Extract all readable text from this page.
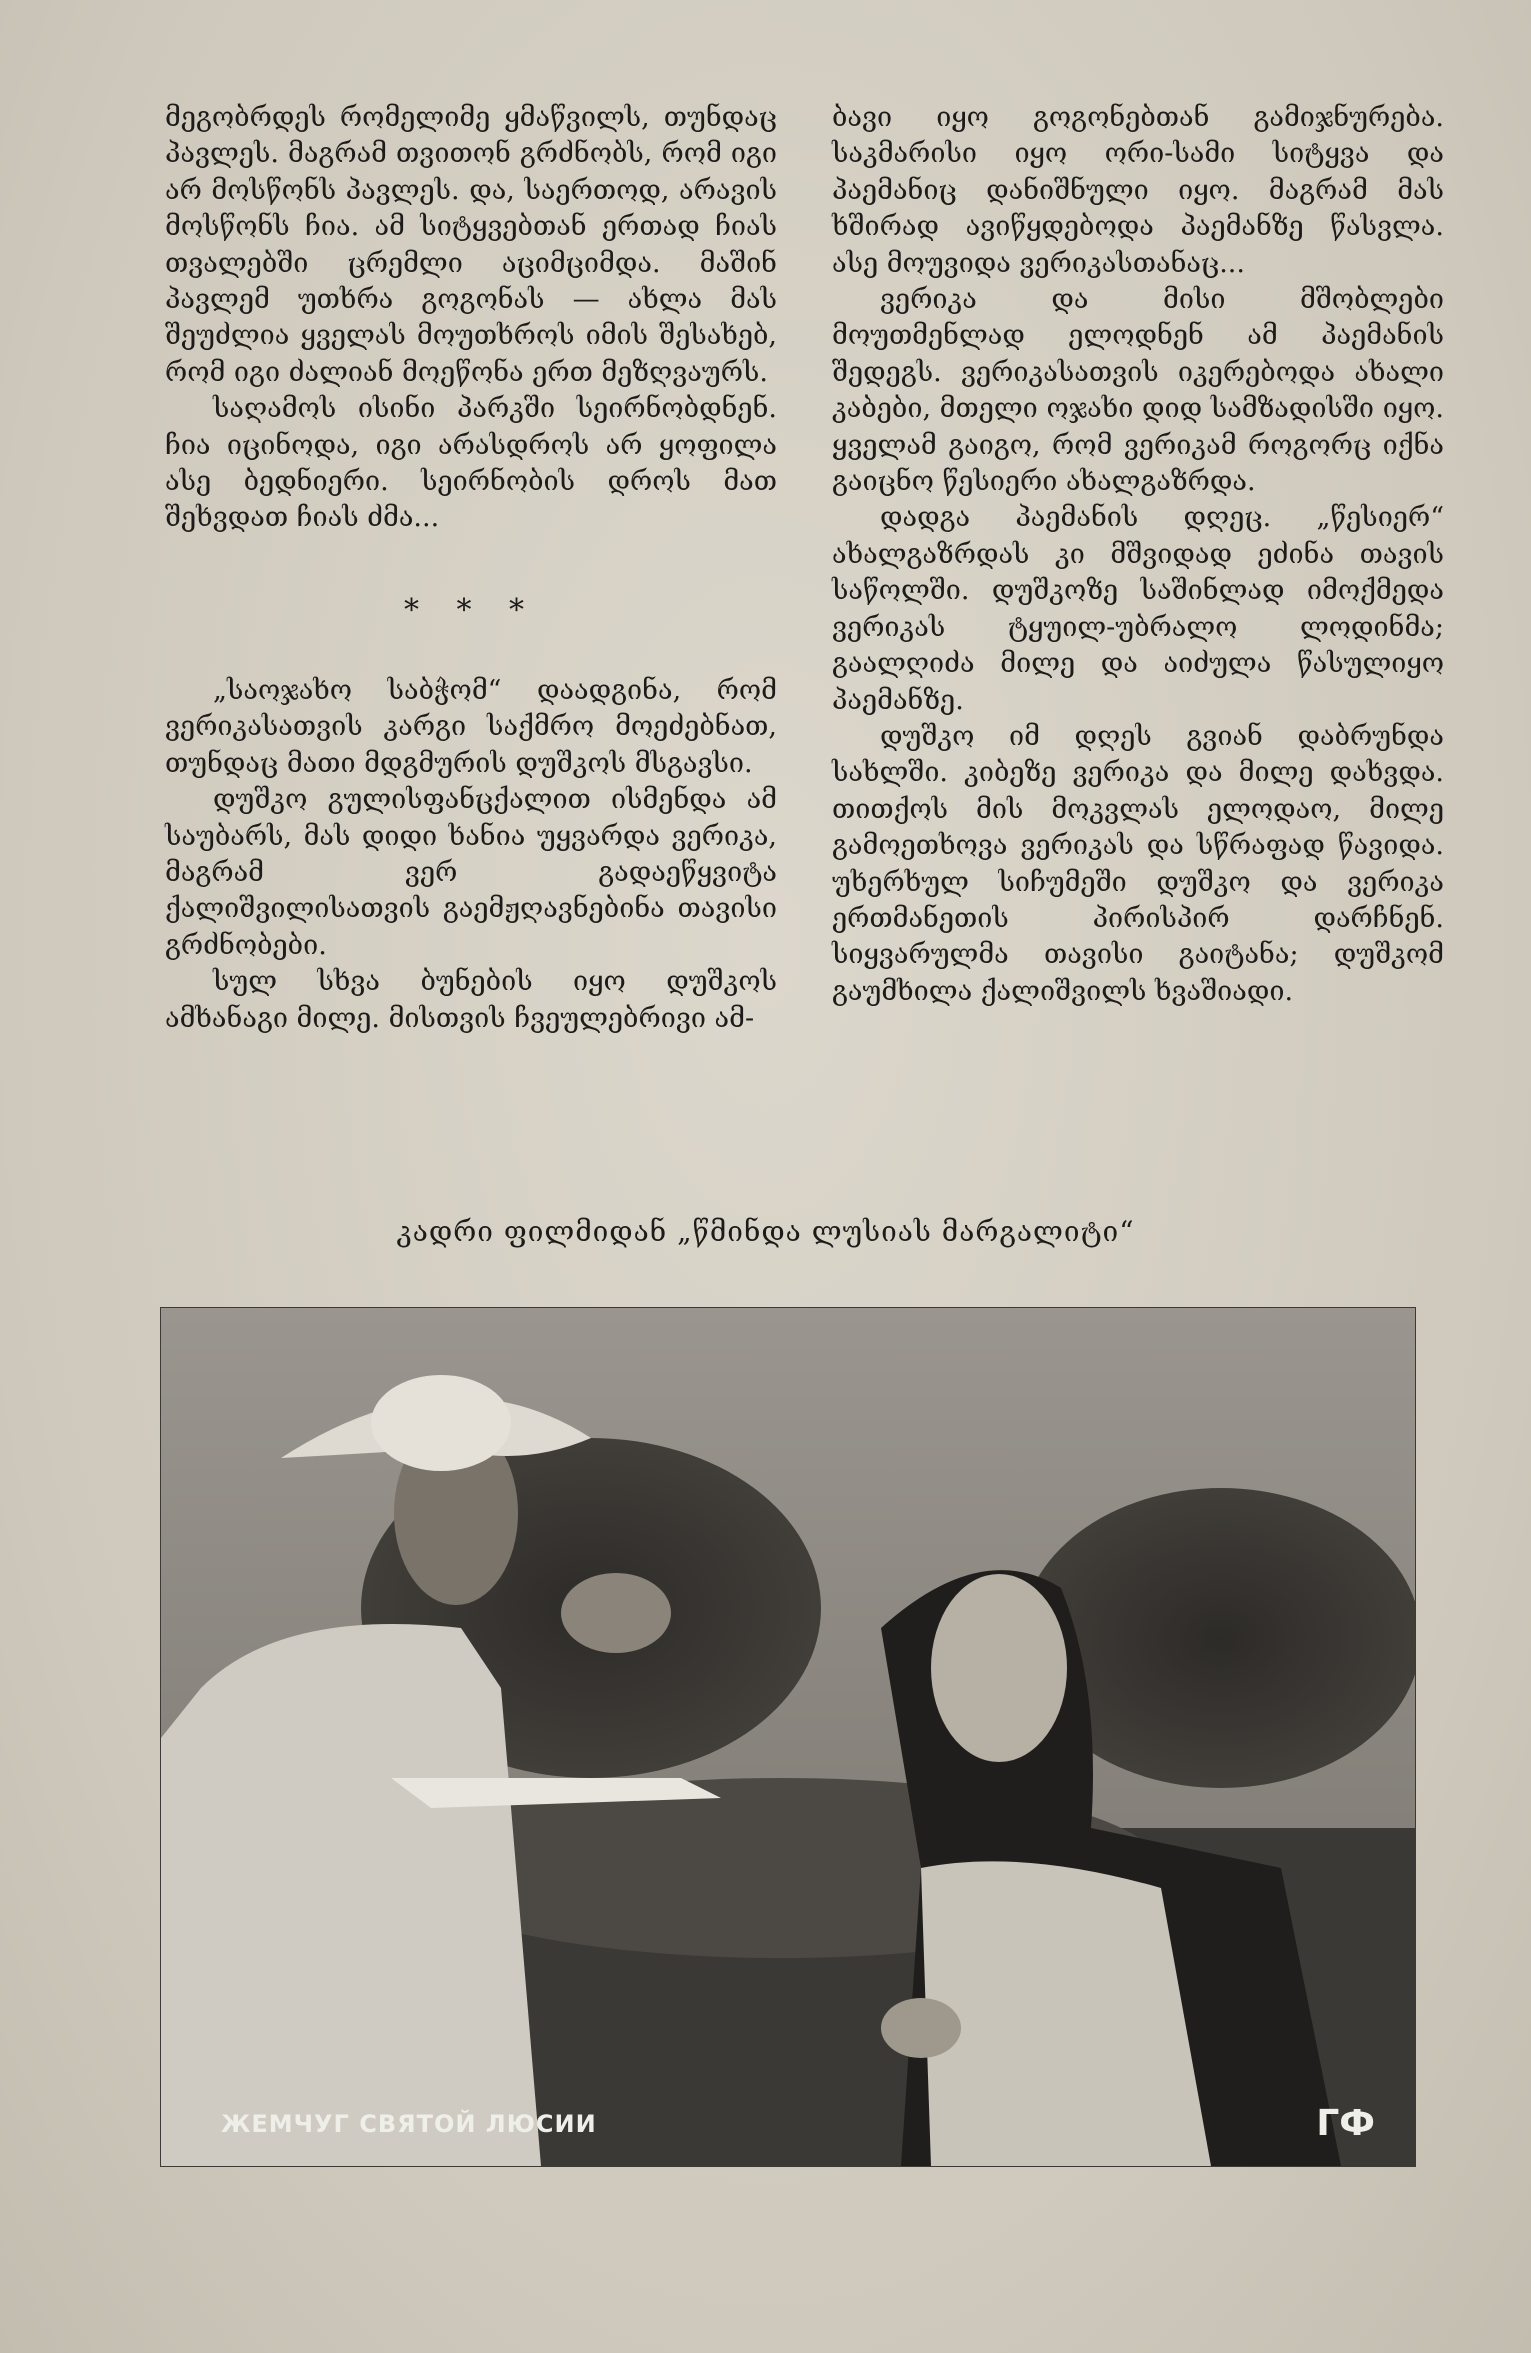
მეგობრდეს რომელიმე ყმაწვილს, თუნდაც პავლეს. მაგრამ თვითონ გრძნობს, რომ იგი არ მოსწონს პავლეს. და, საერთოდ, არავის მოსწონს ჩია. ამ სიტყვებთან ერთად ჩიას თვალებში ცრემლი აციმციმდა. მაშინ პავლემ უთხრა გოგონას — ახლა მას შეუძლია ყველას მოუთხროს იმის შესახებ, რომ იგი ძალიან მოეწონა ერთ მეზღვაურს.

საღამოს ისინი პარკში სეირნობდნენ. ჩია იცინოდა, იგი არასდროს არ ყოფილა ასე ბედნიერი. სეირნობის დროს მათ შეხვდათ ჩიას ძმა...

* * *

„საოჯახო საბჭომ“ დაადგინა, რომ ვერიკასათვის კარგი საქმრო მოეძებნათ, თუნდაც მათი მდგმურის დუშკოს მსგავსი.

დუშკო გულისფანცქალით ისმენდა ამ საუბარს, მას დიდი ხანია უყვარდა ვერიკა, მაგრამ ვერ გადაეწყვიტა ქალიშვილისათვის გაემჟღავნებინა თავისი გრძნობები.

სულ სხვა ბუნების იყო დუშკოს ამხანაგი მილე. მისთვის ჩვეულებრივი ამ-

ბავი იყო გოგონებთან გამიჯნურება. საკმარისი იყო ორი-სამი სიტყვა და პაემანიც დანიშნული იყო. მაგრამ მას ხშირად ავიწყდებოდა პაემანზე წასვლა. ასე მოუვიდა ვერიკასთანაც...

ვერიკა და მისი მშობლები მოუთმენლად ელოდნენ ამ პაემანის შედეგს. ვერიკასათვის იკერებოდა ახალი კაბები, მთელი ოჯახი დიდ სამზადისში იყო. ყველამ გაიგო, რომ ვერიკამ როგორც იქნა გაიცნო წესიერი ახალგაზრდა.

დადგა პაემანის დღეც. „წესიერ“ ახალგაზრდას კი მშვიდად ეძინა თავის საწოლში. დუშკოზე საშინლად იმოქმედა ვერიკას ტყუილ-უბრალო ლოდინმა; გაალღიძა მილე და აიძულა წასულიყო პაემანზე.

დუშკო იმ დღეს გვიან დაბრუნდა სახლში. კიბეზე ვერიკა და მილე დახვდა. თითქოს მის მოკვლას ელოდაო, მილე გამოეთხოვა ვერიკას და სწრაფად წავიდა. უხერხულ სიჩუმეში დუშკო და ვერიკა ერთმანეთის პირისპირ დარჩნენ. სიყვარულმა თავისი გაიტანა; დუშკომ გაუმხილა ქალიშვილს ხვაშიადი.

კადრი ფილმიდან „წმინდა ლუსიას მარგალიტი“
ЖЕМЧУГ СВЯТОЙ ЛЮСИИ	ГФ
